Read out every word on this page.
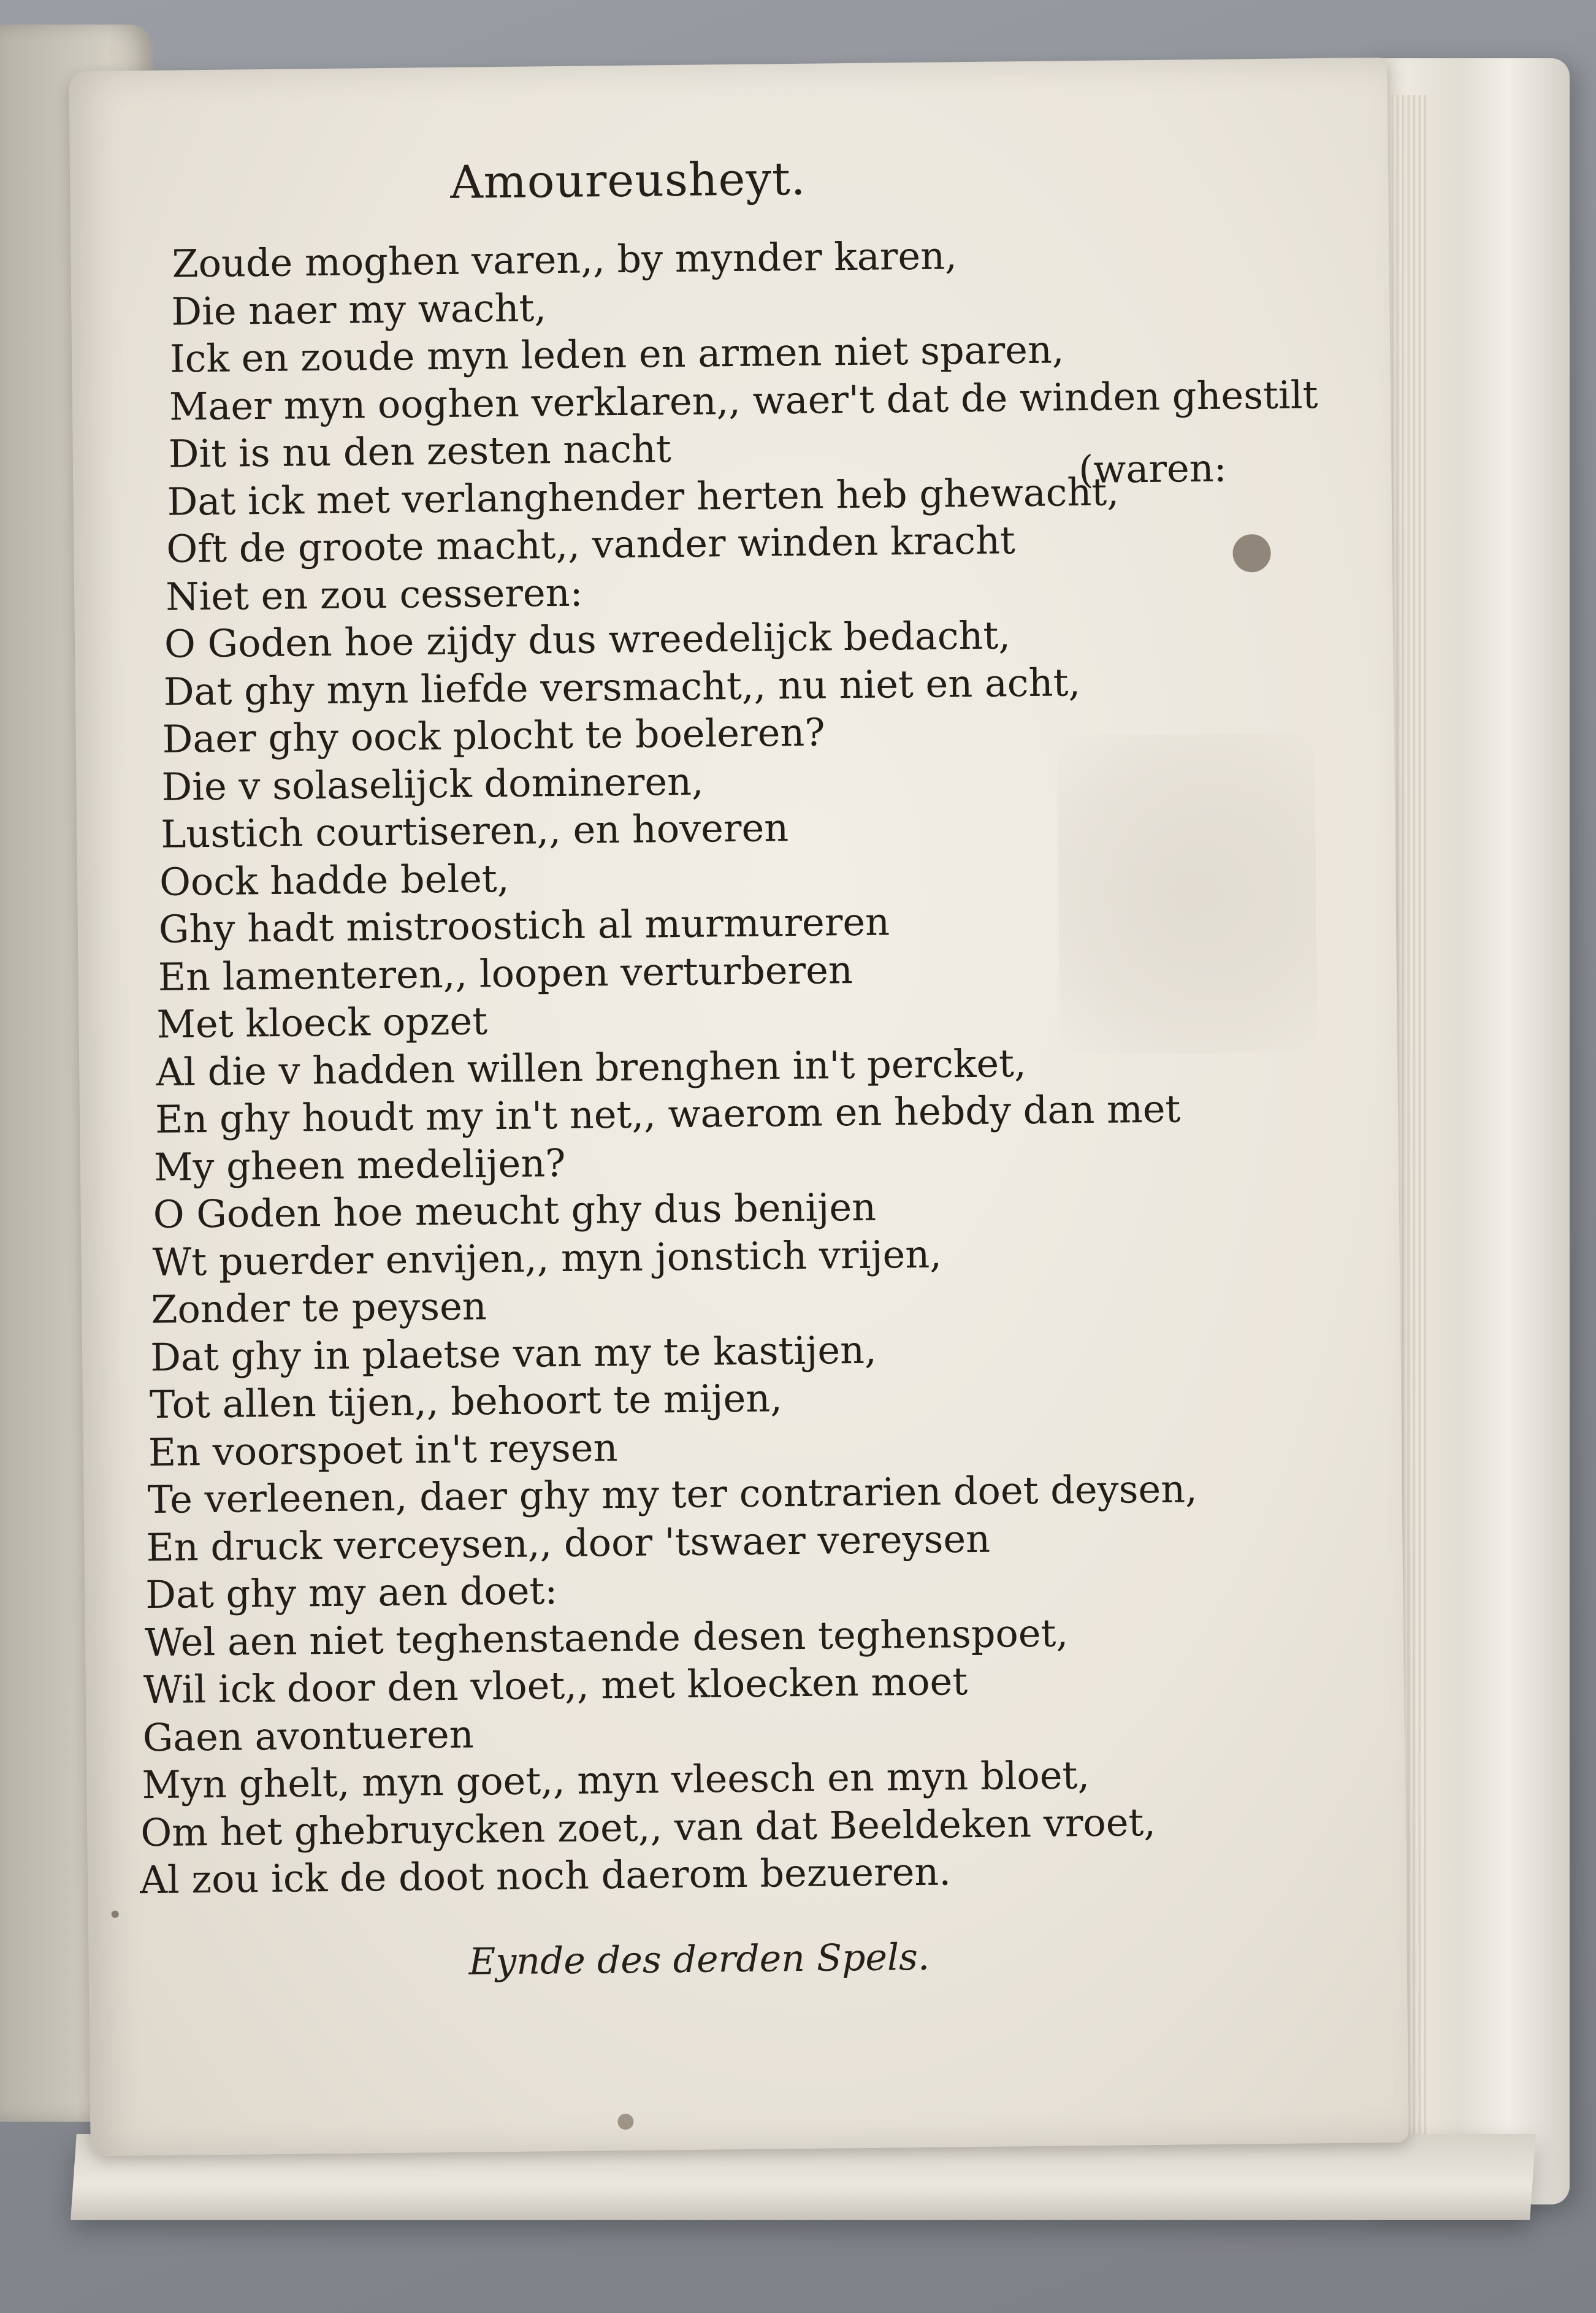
Amoureusheyt.
Zoude moghen varen,, by mynder karen,
Die naer my wacht,
Ick en zoude myn leden en armen niet sparen,
Maer myn ooghen verklaren,, waer't dat de winden ghestilt
Dit is nu den zesten nacht
Dat ick met verlanghender herten heb ghewacht,
Oft de groote macht,, vander winden kracht
Niet en zou cesseren:
O Goden hoe zijdy dus wreedelijck bedacht,
Dat ghy myn liefde versmacht,, nu niet en acht,
Daer ghy oock plocht te boeleren?
Die v solaselijck domineren,
Lustich courtiseren,, en hoveren
Oock hadde belet,
Ghy hadt mistroostich al murmureren
En lamenteren,, loopen verturberen
Met kloeck opzet
Al die v hadden willen brenghen in't percket,
En ghy houdt my in't net,, waerom en hebdy dan met
My gheen medelijen?
O Goden hoe meucht ghy dus benijen
Wt puerder envijen,, myn jonstich vrijen,
Zonder te peysen
Dat ghy in plaetse van my te kastijen,
Tot allen tijen,, behoort te mijen,
En voorspoet in't reysen
Te verleenen, daer ghy my ter contrarien doet deysen,
En druck verceysen,, door 'tswaer vereysen
Dat ghy my aen doet:
Wel aen niet teghenstaende desen teghenspoet,
Wil ick door den vloet,, met kloecken moet
Gaen avontueren
Myn ghelt, myn goet,, myn vleesch en myn bloet,
Om het ghebruycken zoet,, van dat Beeldeken vroet,
Al zou ick de doot noch daerom bezueren.
(waren:
Eynde des derden Spels.
